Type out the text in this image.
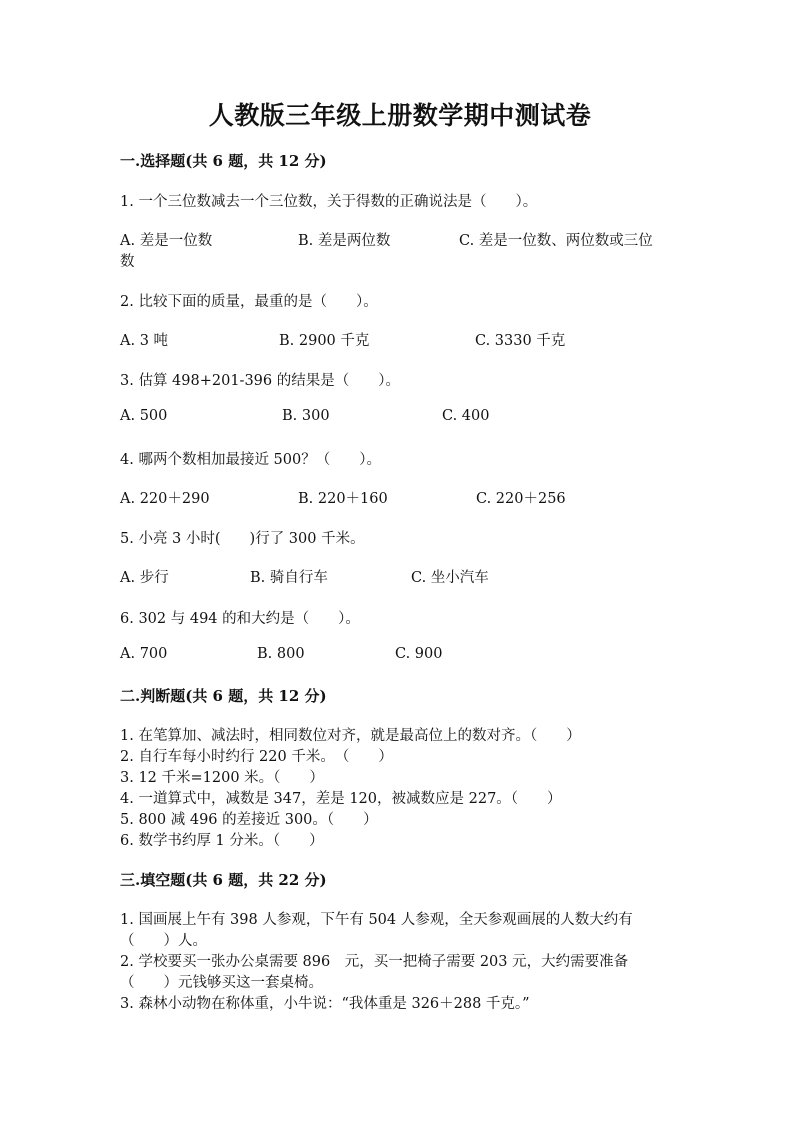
人教版三年级上册数学期中测试卷
一.选择题(共 6 题，共 12 分)
1. 一个三位数减去一个三位数，关于得数的正确说法是（　　）。
A. 差是一位数	B. 差是两位数	C. 差是一位数、两位数或三位
数
2. 比较下面的质量，最重的是（　　）。
A. 3 吨	B. 2900 千克	C. 3330 千克
3. 估算 498+201-396 的结果是（　　）。
A. 500	B. 300	C. 400
4. 哪两个数相加最接近 500？（　　）。
A. 220＋290	B. 220＋160	C. 220＋256
5. 小亮 3 小时(　　)行了 300 千米。
A. 步行	B. 骑自行车	C. 坐小汽车
6. 302 与 494 的和大约是（　　）。
A. 700	B. 800	C. 900
二.判断题(共 6 题，共 12 分)
1. 在笔算加、减法时，相同数位对齐，就是最高位上的数对齐。（　　）
2. 自行车每小时约行 220 千米。　（　　）
3. 12 千米=1200 米。（　　）
4. 一道算式中，减数是 347，差是 120，被减数应是 227。（　　）
5. 800 减 496 的差接近 300。（　　）
6. 数学书约厚 1 分米。（　　）
三.填空题(共 6 题，共 22 分)
1. 国画展上午有 398 人参观，下午有 504 人参观，全天参观画展的人数大约有
（　　）人。
2. 学校要买一张办公桌需要 896　元，买一把椅子需要 203 元，大约需要准备
（　　）元钱够买这一套桌椅。
3. 森林小动物在称体重，小牛说：“我体重是 326＋288 千克。”
